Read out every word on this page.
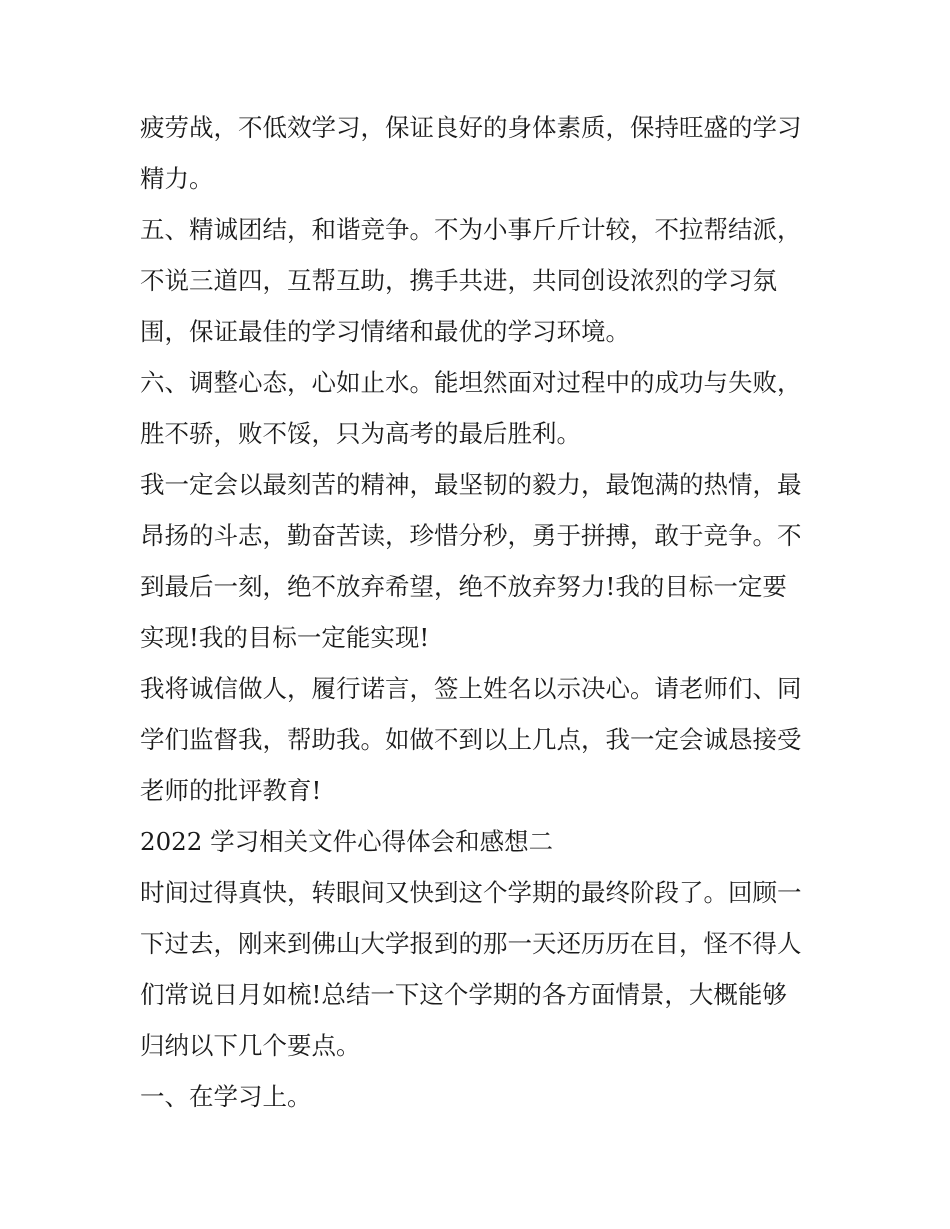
疲劳战，不低效学习，保证良好的身体素质，保持旺盛的学习
精力。
五、精诚团结，和谐竞争。不为小事斤斤计较，不拉帮结派，
不说三道四，互帮互助，携手共进，共同创设浓烈的学习氛
围，保证最佳的学习情绪和最优的学习环境。
六、调整心态，心如止水。能坦然面对过程中的成功与失败，
胜不骄，败不馁，只为高考的最后胜利。
我一定会以最刻苦的精神，最坚韧的毅力，最饱满的热情，最
昂扬的斗志，勤奋苦读，珍惜分秒，勇于拼搏，敢于竞争。不
到最后一刻，绝不放弃希望，绝不放弃努力!我的目标一定要
实现!我的目标一定能实现!
我将诚信做人，履行诺言，签上姓名以示决心。请老师们、同
学们监督我，帮助我。如做不到以上几点，我一定会诚恳接受
老师的批评教育!
2022 学习相关文件心得体会和感想二
时间过得真快，转眼间又快到这个学期的最终阶段了。回顾一
下过去，刚来到佛山大学报到的那一天还历历在目，怪不得人
们常说日月如梳!总结一下这个学期的各方面情景，大概能够
归纳以下几个要点。
一、在学习上。
